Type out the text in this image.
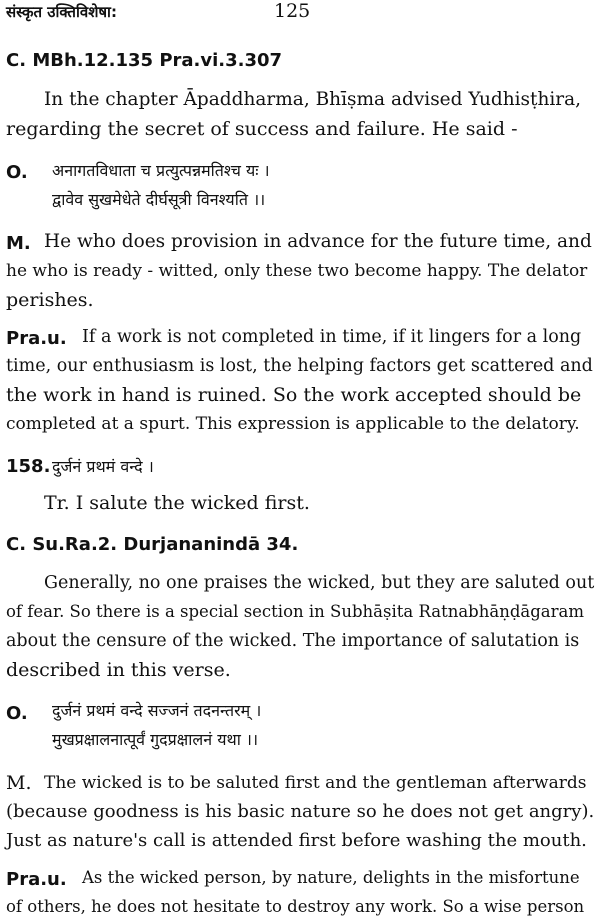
संस्कृत उक्तिविशेषा:	125
C. MBh.12.135 Pra.vi.3.307
In the chapter Āpaddharma, Bhīṣma advised Yudhisṭhira,
regarding the secret of success and failure. He said -
O. अनागतविधाता च प्रत्युत्पन्नमतिश्च यः ।
द्वावेव सुखमेधेते दीर्घसूत्री विनश्यति ।।
M. He who does provision in advance for the future time, and
he who is ready - witted, only these two become happy. The delator
perishes.
Pra.u. If a work is not completed in time, if it lingers for a long
time, our enthusiasm is lost, the helping factors get scattered and
the work in hand is ruined. So the work accepted should be
completed at a spurt. This expression is applicable to the delatory.
158. दुर्जनं प्रथमं वन्दे ।
Tr. I salute the wicked first.
C. Su.Ra.2. Durjananindā 34.
Generally, no one praises the wicked, but they are saluted out
of fear. So there is a special section in Subhāṣita Ratnabhāṇḍāgaram
about the censure of the wicked. The importance of salutation is
described in this verse.
O. दुर्जनं प्रथमं वन्दे सज्जनं तदनन्तरम् ।
मुखप्रक्षालनात्पूर्वं गुदप्रक्षालनं यथा ।।
M. The wicked is to be saluted first and the gentleman afterwards
(because goodness is his basic nature so he does not get angry).
Just as nature's call is attended first before washing the mouth.
Pra.u. As the wicked person, by nature, delights in the misfortune
of others, he does not hesitate to destroy any work. So a wise person
